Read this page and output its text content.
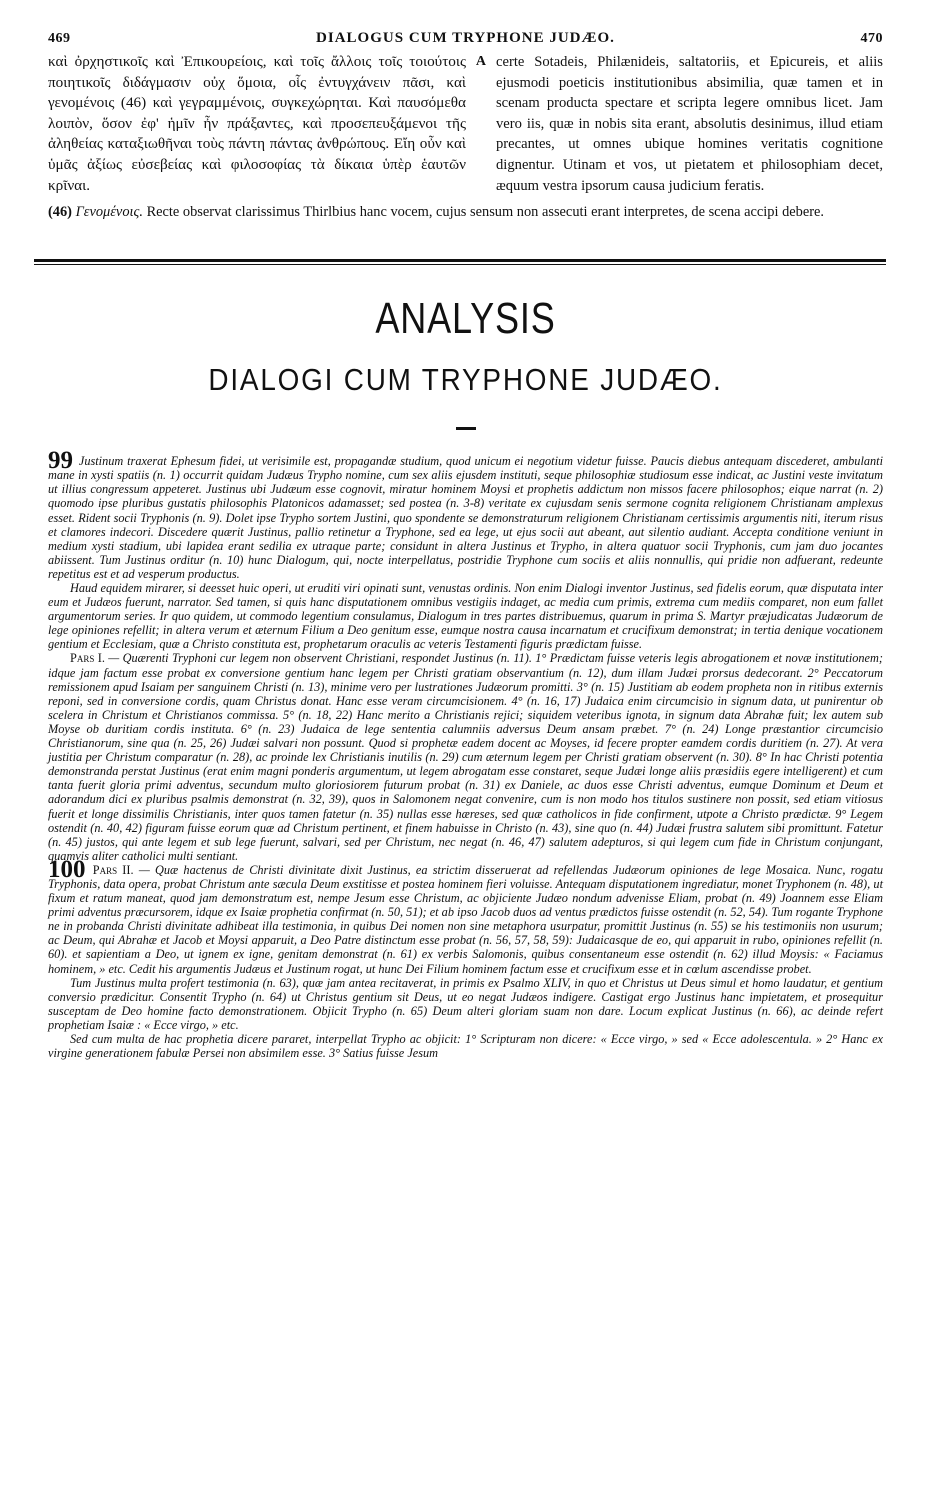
469	DIALOGUS CUM TRYPHONE JUDÆO.	470
A
καὶ ὀρχηστικοῖς καὶ Ἐπικουρείοις, καὶ τοῖς ἄλλοις τοῖς τοιούτοις ποιητικοῖς διδάγμασιν οὐχ ὅμοια, οἷς ἐντυγχάνειν πᾶσι, καὶ γενομένοις (46) καὶ γεγραμμένοις, συγκεχώρηται. Καὶ παυσόμεθα λοιπὸν, ὅσον ἐφ' ἡμῖν ἦν πράξαντες, καὶ προσεπευξάμενοι τῆς ἀληθείας καταξιωθῆναι τοὺς πάντη πάντας ἀνθρώπους. Εἴη οὖν καὶ ὑμᾶς ἀξίως εὐσεβείας καὶ φιλοσοφίας τὰ δίκαια ὑπὲρ ἑαυτῶν κρῖναι.
certe Sotadeis, Philænideis, saltatoriis, et Epicureis, et aliis ejusmodi poeticis institutionibus absimilia, quæ tamen et in scenam producta spectare et scripta legere omnibus licet. Jam vero iis, quæ in nobis sita erant, absolutis desinimus, illud etiam precantes, ut omnes ubique homines veritatis cognitione dignentur. Utinam et vos, ut pietatem et philosophiam decet, æquum vestra ipsorum causa judicium feratis.
(46) Γενομένοις. Recte observat clarissimus Thirlbius hanc vocem, cujus sensum non assecuti erant interpretes, de scena accipi debere.
ANALYSIS
DIALOGI CUM TRYPHONE JUDÆO.

99 Justinum traxerat Ephesum fidei, ut verisimile est, propagandæ studium, quod unicum ei negotium videtur fuisse. Paucis diebus antequam discederet, ambulanti mane in xysti spatiis (n. 1) occurrit quidam Judæus Trypho nomine, cum sex aliis ejusdem instituti, seque philosophiæ studiosum esse indicat, ac Justini veste invitatum ut illius congressum appeteret. Justinus ubi Judæum esse cognovit, miratur hominem Moysi et prophetis addictum non missos facere philosophos; eique narrat (n. 2) quomodo ipse pluribus gustatis philosophis Platonicos adamasset; sed postea (n. 3-8) veritate ex cujusdam senis sermone cognita religionem Christianam amplexus esset. Rident socii Tryphonis (n. 9). Dolet ipse Trypho sortem Justini, quo spondente se demonstraturum religionem Christianam certissimis argumentis niti, iterum risus et clamores indecori. Discedere quærit Justinus, pallio retinetur a Tryphone, sed ea lege, ut ejus socii aut abeant, aut silentio audiant. Accepta conditione veniunt in medium xysti stadium, ubi lapidea erant sedilia ex utraque parte; considunt in altera Justinus et Trypho, in altera quatuor socii Tryphonis, cum jam duo jocantes abiissent. Tum Justinus orditur (n. 10) hunc Dialogum, qui, nocte interpellatus, postridie Tryphone cum sociis et aliis nonnullis, qui pridie non adfuerant, redeunte repetitus est et ad vesperum productus.

Haud equidem mirarer, si deesset huic operi, ut eruditi viri opinati sunt, venustas ordinis. Non enim Dialogi inventor Justinus, sed fidelis eorum, quæ disputata inter eum et Judæos fuerunt, narrator. Sed tamen, si quis hanc disputationem omnibus vestigiis indaget, ac media cum primis, extrema cum mediis comparet, non eum fallet argumentorum series. Ir quo quidem, ut commodo legentium consulamus, Dialogum in tres partes distribuemus, quarum in prima S. Martyr præjudicatas Judæorum de lege opiniones refellit; in altera verum et æternum Filium a Deo genitum esse, eumque nostra causa incarnatum et crucifixum demonstrat; in tertia denique vocationem gentium et Ecclesiam, quæ a Christo constituta est, prophetarum oraculis ac veteris Testamenti figuris prædictam fuisse.

Pars I. — Quærenti Tryphoni cur legem non observent Christiani, respondet Justinus (n. 11). 1° Prædictam fuisse veteris legis abrogationem et novæ institutionem; idque jam factum esse probat ex conversione gentium hanc legem per Christi gratiam observantium (n. 12), dum illam Judæi prorsus dedecorant. 2° Peccatorum remissionem apud Isaiam per sanguinem Christi (n. 13), minime vero per lustrationes Judæorum promitti. 3° (n. 15) Justitiam ab eodem propheta non in ritibus externis reponi, sed in conversione cordis, quam Christus donat. Hanc esse veram circumcisionem. 4° (n. 16, 17) Judaica enim circumcisio in signum data, ut punirentur ob scelera in Christum et Christianos commissa. 5° (n. 18, 22) Hanc merito a Christianis rejici; siquidem veteribus ignota, in signum data Abrahæ fuit; lex autem sub Moyse ob duritiam cordis instituta. 6° (n. 23) Judaica de lege sententia calumniis adversus Deum ansam præbet. 7° (n. 24) Longe præstantior circumcisio Christianorum, sine qua (n. 25, 26) Judæi salvari non possunt. Quod si prophetæ eadem docent ac Moyses, id fecere propter eamdem cordis duritiem (n. 27). At vera justitia per Christum comparatur (n. 28), ac proinde lex Christianis inutilis (n. 29) cum æternum legem per Christi gratiam observent (n. 30). 8° In hac Christi potentia demonstranda perstat Justinus (erat enim magni ponderis argumentum, ut legem abrogatam esse constaret, seque Judæi longe aliis præsidiis egere intelligerent) et cum tanta fuerit gloria primi adventus, secundum multo gloriosiorem futurum probat (n. 31) ex Daniele, ac duos esse Christi adventus, eumque Dominum et Deum et adorandum dici ex pluribus psalmis demonstrat (n. 32, 39), quos in Salomonem negat convenire, cum is non modo hos titulos sustinere non possit, sed etiam vitiosus fuerit et longe dissimilis Christianis, inter quos tamen fatetur (n. 35) nullas esse hæreses, sed quæ catholicos in fide confirment, utpote a Christo prædictæ. 9° Legem ostendit (n. 40, 42) figuram fuisse eorum quæ ad Christum pertinent, et finem habuisse in Christo (n. 43), sine quo (n. 44) Judæi frustra salutem sibi promittunt. Fatetur (n. 45) justos, qui ante legem et sub lege fuerunt, salvari, sed per Christum, nec negat (n. 46, 47) salutem adepturos, si qui legem cum fide in Christum conjungant, quamvis aliter catholici multi sentiant.

100 Pars II. — Quæ hactenus de Christi divinitate dixit Justinus, ea strictim disseruerat ad refellendas Judæorum opiniones de lege Mosaica. Nunc, rogatu Tryphonis, data opera, probat Christum ante sæcula Deum exstitisse et postea hominem fieri voluisse. Antequam disputationem ingrediatur, monet Tryphonem (n. 48), ut fixum et ratum maneat, quod jam demonstratum est, nempe Jesum esse Christum, ac objiciente Judæo nondum advenisse Eliam, probat (n. 49) Joannem esse Eliam primi adventus præcursorem, idque ex Isaiæ prophetia confirmat (n. 50, 51); et ab ipso Jacob duos ad ventus prædictos fuisse ostendit (n. 52, 54). Tum rogante Tryphone ne in probanda Christi divinitate adhibeat illa testimonia, in quibus Dei nomen non sine metaphora usurpatur, promittit Justinus (n. 55) se his testimoniis non usurum; ac Deum, qui Abrahæ et Jacob et Moysi apparuit, a Deo Patre distinctum esse probat (n. 56, 57, 58, 59): Judaicasque de eo, qui apparuit in rubo, opiniones refellit (n. 60). et sapientiam a Deo, ut ignem ex igne, genitam demonstrat (n. 61) ex verbis Salomonis, quibus consentaneum esse ostendit (n. 62) illud Moysis: « Faciamus hominem, » etc. Cedit his argumentis Judæus et Justinum rogat, ut hunc Dei Filium hominem factum esse et crucifixum esse et in cœlum ascendisse probet.

Tum Justinus multa profert testimonia (n. 63), quæ jam antea recitaverat, in primis ex Psalmo XLIV, in quo et Christus ut Deus simul et homo laudatur, et gentium conversio prædicitur. Consentit Trypho (n. 64) ut Christus gentium sit Deus, ut eo negat Judæos indigere. Castigat ergo Justinus hanc impietatem, et prosequitur susceptam de Deo homine facto demonstrationem. Objicit Trypho (n. 65) Deum alteri gloriam suam non dare. Locum explicat Justinus (n. 66), ac deinde refert prophetiam Isaiæ : « Ecce virgo, » etc.

Sed cum multa de hac prophetia dicere pararet, interpellat Trypho ac objicit: 1° Scripturam non dicere: « Ecce virgo, » sed « Ecce adolescentula. » 2° Hanc ex virgine generationem fabulæ Persei non absimilem esse. 3° Satius fuisse Jesum
